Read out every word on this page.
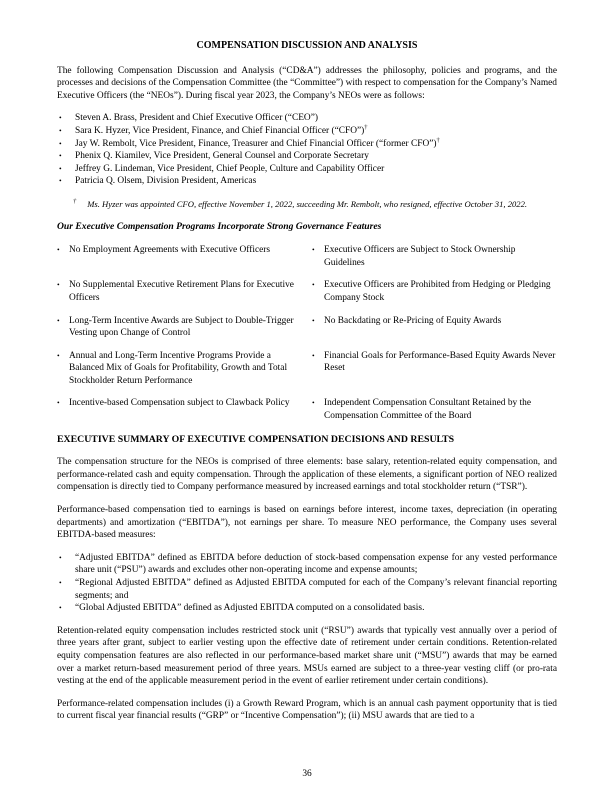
COMPENSATION DISCUSSION AND ANALYSIS

The following Compensation Discussion and Analysis (“CD&A”) addresses the philosophy, policies and programs, and the processes and decisions of the Compensation Committee (the “Committee”) with respect to compensation for the Company’s Named Executive Officers (the “NEOs”). During fiscal year 2023, the Company’s NEOs were as follows:

• Steven A. Brass, President and Chief Executive Officer (“CEO”)
• Sara K. Hyzer, Vice President, Finance, and Chief Financial Officer (“CFO”)†
• Jay W. Rembolt, Vice President, Finance, Treasurer and Chief Financial Officer (“former CFO”)†
• Phenix Q. Kiamilev, Vice President, General Counsel and Corporate Secretary
• Jeffrey G. Lindeman, Vice President, Chief People, Culture and Capability Officer
• Patricia Q. Olsem, Division President, Americas
† Ms. Hyzer was appointed CFO, effective November 1, 2022, succeeding Mr. Rembolt, who resigned, effective October 31, 2022.
Our Executive Compensation Programs Incorporate Strong Governance Features
• No Employment Agreements with Executive Officers	• Executive Officers are Subject to Stock Ownership Guidelines
• No Supplemental Executive Retirement Plans for Executive Officers
• Executive Officers are Prohibited from Hedging or Pledging Company Stock
• Long-Term Incentive Awards are Subject to Double-Trigger Vesting upon Change of Control
• No Backdating or Re-Pricing of Equity Awards
• Annual and Long-Term Incentive Programs Provide a Balanced Mix of Goals for Profitability, Growth and Total Stockholder Return Performance
• Financial Goals for Performance-Based Equity Awards Never Reset
• Incentive-based Compensation subject to Clawback Policy	• Independent Compensation Consultant Retained by the Compensation Committee of the Board
EXECUTIVE SUMMARY OF EXECUTIVE COMPENSATION DECISIONS AND RESULTS

The compensation structure for the NEOs is comprised of three elements: base salary, retention-related equity compensation, and performance-related cash and equity compensation. Through the application of these elements, a significant portion of NEO realized compensation is directly tied to Company performance measured by increased earnings and total stockholder return (“TSR”).

Performance-based compensation tied to earnings is based on earnings before interest, income taxes, depreciation (in operating departments) and amortization (“EBITDA”), not earnings per share. To measure NEO performance, the Company uses several EBITDA-based measures:

• “Adjusted EBITDA” defined as EBITDA before deduction of stock-based compensation expense for any vested performance share unit (“PSU”) awards and excludes other non-operating income and expense amounts;
• “Regional Adjusted EBITDA” defined as Adjusted EBITDA computed for each of the Company’s relevant financial reporting segments; and
• “Global Adjusted EBITDA” defined as Adjusted EBITDA computed on a consolidated basis.

Retention-related equity compensation includes restricted stock unit (“RSU”) awards that typically vest annually over a period of three years after grant, subject to earlier vesting upon the effective date of retirement under certain conditions. Retention-related equity compensation features are also reflected in our performance-based market share unit (“MSU”) awards that may be earned over a market return-based measurement period of three years. MSUs earned are subject to a three-year vesting cliff (or pro-rata vesting at the end of the applicable measurement period in the event of earlier retirement under certain conditions).

Performance-related compensation includes (i) a Growth Reward Program, which is an annual cash payment opportunity that is tied to current fiscal year financial results (“GRP” or “Incentive Compensation”); (ii) MSU awards that are tied to a

36
